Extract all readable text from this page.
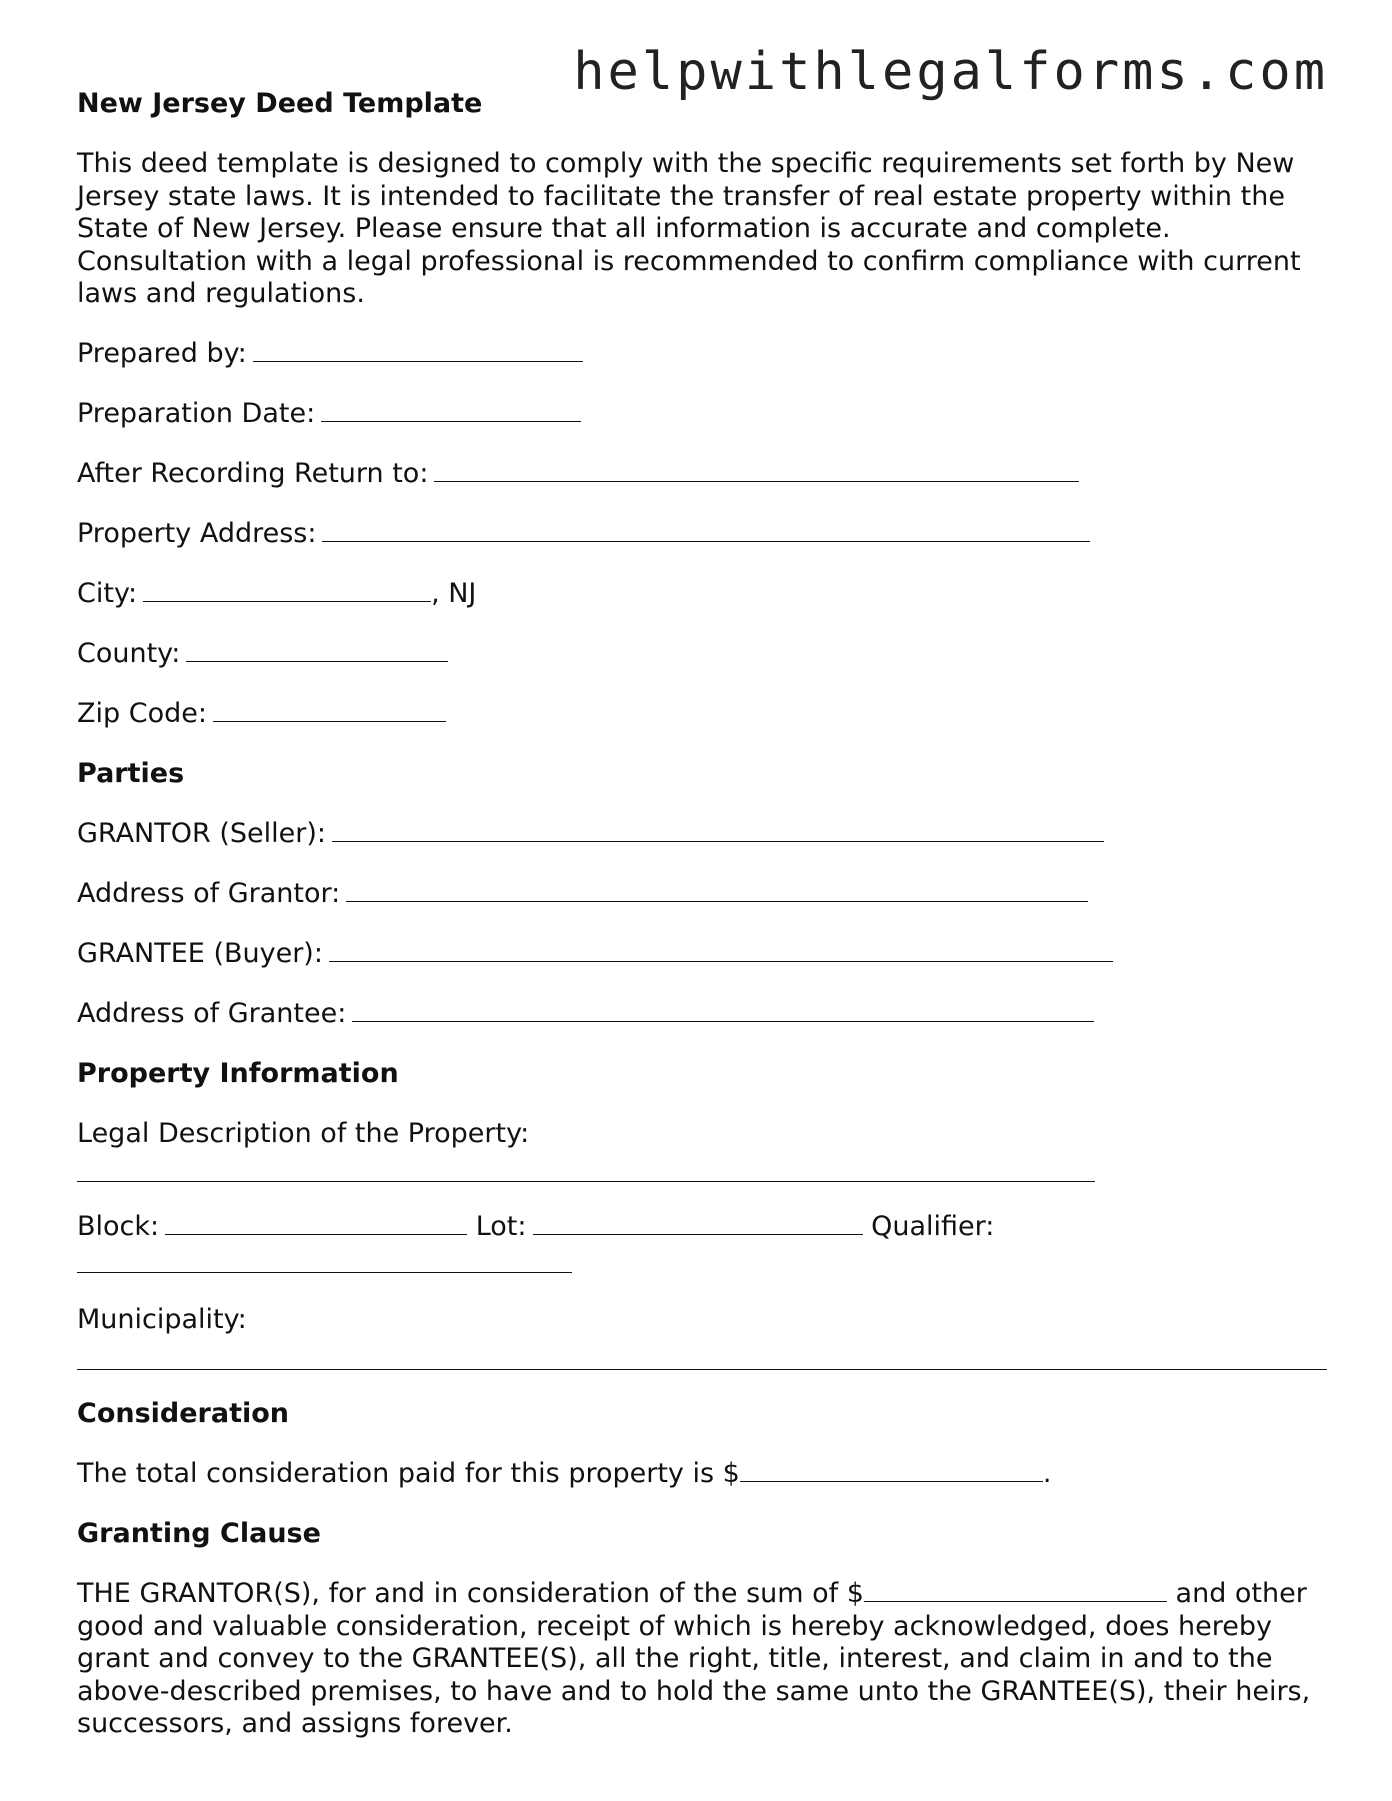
helpwithlegalforms.com
New Jersey Deed Template
This deed template is designed to comply with the specific requirements set forth by New Jersey state laws. It is intended to facilitate the transfer of real estate property within the State of New Jersey. Please ensure that all information is accurate and complete. Consultation with a legal professional is recommended to confirm compliance with current laws and regulations.
Prepared by:
Preparation Date:
After Recording Return to:
Property Address:
City:	, NJ
County:
Zip Code:
Parties
GRANTOR (Seller):
Address of Grantor:
GRANTEE (Buyer):
Address of Grantee:
Property Information
Legal Description of the Property:
Block:	Lot:	Qualifier:
Municipality:
Consideration
The total consideration paid for this property is $	.
Granting Clause
THE GRANTOR(S), for and in consideration of the sum of $	and other good and valuable consideration, receipt of which is hereby acknowledged, does hereby grant and convey to the GRANTEE(S), all the right, title, interest, and claim in and to the above-described premises, to have and to hold the same unto the GRANTEE(S), their heirs, successors, and assigns forever.
